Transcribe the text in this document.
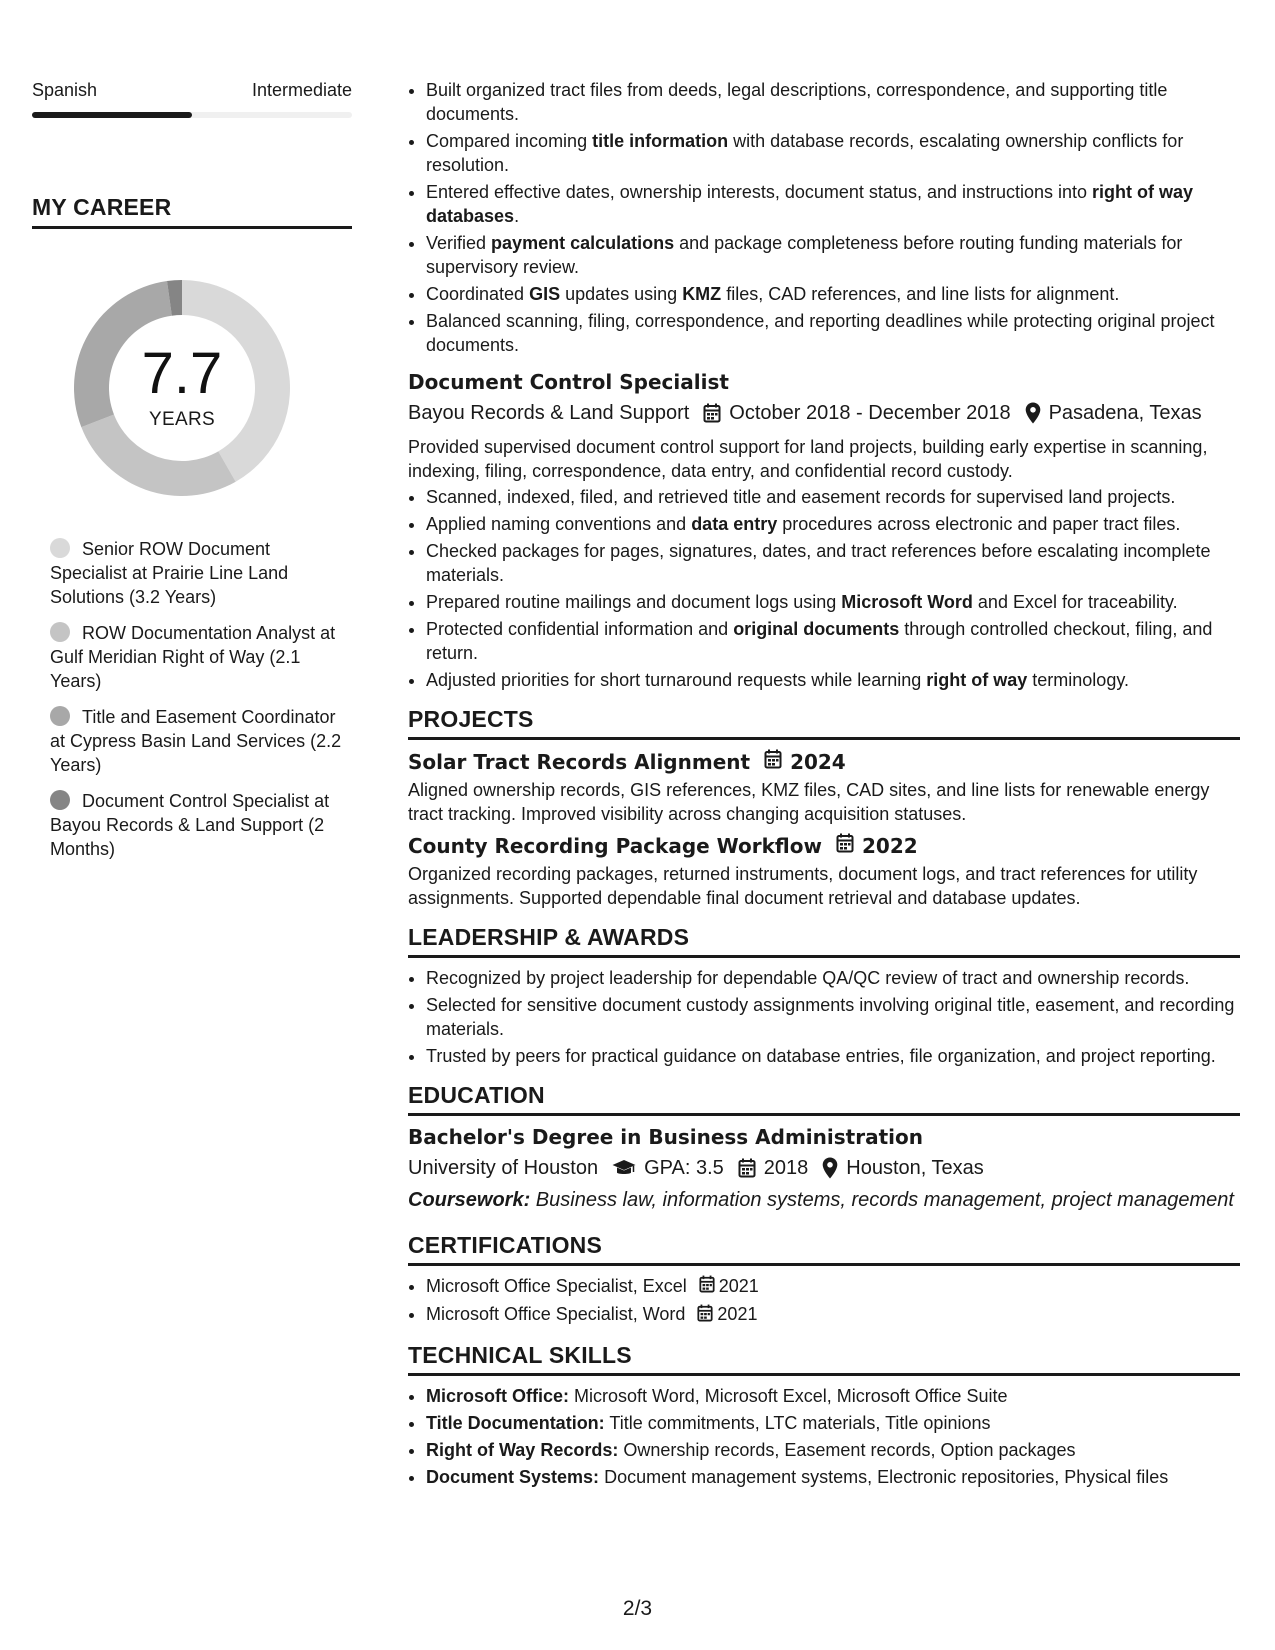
Spanish	Intermediate
MY CAREER
7.7
YEARS
Senior ROW Document Specialist at Prairie Line Land Solutions (3.2 Years)
ROW Documentation Analyst at Gulf Meridian Right of Way (2.1 Years)
Title and Easement Coordinator at Cypress Basin Land Services (2.2 Years)
Document Control Specialist at Bayou Records & Land Support (2 Months)
• Built organized tract files from deeds, legal descriptions, correspondence, and supporting title documents.
• Compared incoming title information with database records, escalating ownership conflicts for resolution.
• Entered effective dates, ownership interests, document status, and instructions into right of way databases.
• Verified payment calculations and package completeness before routing funding materials for supervisory review.
• Coordinated GIS updates using KMZ files, CAD references, and line lists for alignment.
• Balanced scanning, filing, correspondence, and reporting deadlines while protecting original project documents.
Document Control Specialist
Bayou Records & Land Support October 2018 - December 2018 Pasadena, Texas
Provided supervised document control support for land projects, building early expertise in scanning, indexing, filing, correspondence, data entry, and confidential record custody.
• Scanned, indexed, filed, and retrieved title and easement records for supervised land projects.
• Applied naming conventions and data entry procedures across electronic and paper tract files.
• Checked packages for pages, signatures, dates, and tract references before escalating incomplete materials.
• Prepared routine mailings and document logs using Microsoft Word and Excel for traceability.
• Protected confidential information and original documents through controlled checkout, filing, and return.
• Adjusted priorities for short turnaround requests while learning right of way terminology.
PROJECTS
Solar Tract Records Alignment 2024
Aligned ownership records, GIS references, KMZ files, CAD sites, and line lists for renewable energy tract tracking. Improved visibility across changing acquisition statuses.
County Recording Package Workflow 2022
Organized recording packages, returned instruments, document logs, and tract references for utility assignments. Supported dependable final document retrieval and database updates.
LEADERSHIP & AWARDS
• Recognized by project leadership for dependable QA/QC review of tract and ownership records.
• Selected for sensitive document custody assignments involving original title, easement, and recording materials.
• Trusted by peers for practical guidance on database entries, file organization, and project reporting.
EDUCATION
Bachelor's Degree in Business Administration
University of Houston GPA: 3.5 2018 Houston, Texas
Coursework: Business law, information systems, records management, project management
CERTIFICATIONS
• Microsoft Office Specialist, Excel 2021
• Microsoft Office Specialist, Word 2021
TECHNICAL SKILLS
• Microsoft Office: Microsoft Word, Microsoft Excel, Microsoft Office Suite
• Title Documentation: Title commitments, LTC materials, Title opinions
• Right of Way Records: Ownership records, Easement records, Option packages
• Document Systems: Document management systems, Electronic repositories, Physical files
2/3
